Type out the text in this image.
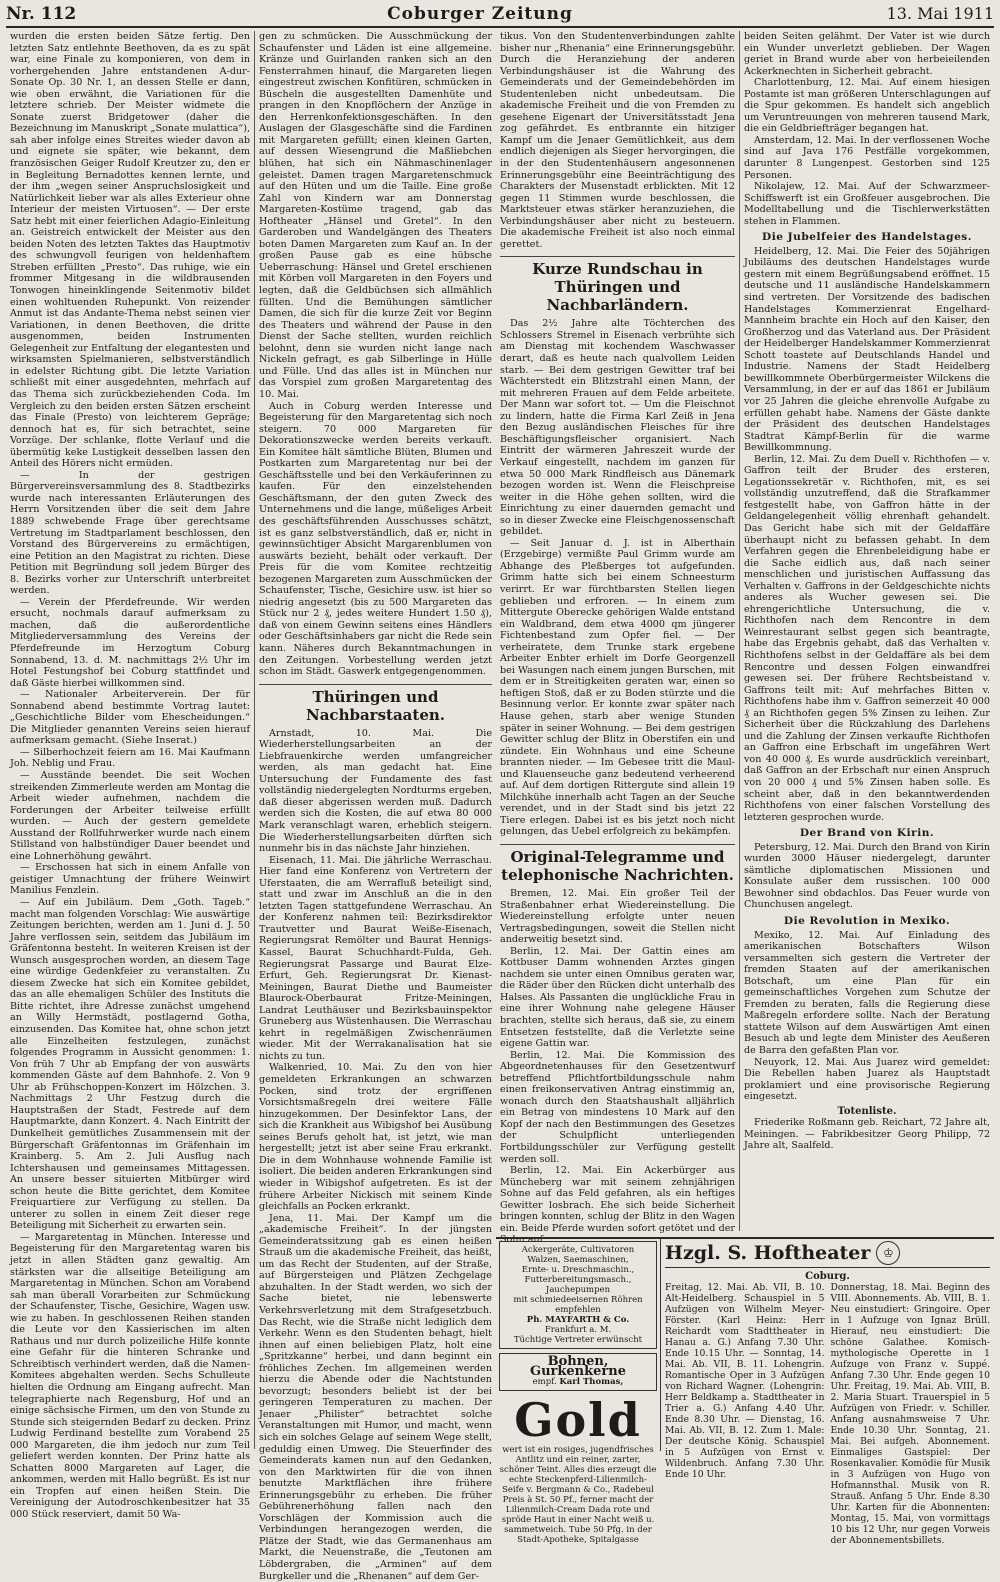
Nr. 112	Coburger Zeitung	13. Mai 1911

wurden die ersten beiden Sätze fertig. Den letzten Satz entlehnte Beethoven, da es zu spät war, eine Finale zu komponieren, von dem in vorhergehenden Jahre entstandenen A-dur-Sonate Op. 30 Nr. 1, an dessen Stelle er dann, wie oben erwähnt, die Variationen für die letztere schrieb. Der Meister widmete die Sonate zuerst Bridgetower (daher die Bezeichnung im Manuskript „Sonate mulattica“), sah aber infolge eines Streites wieder davon ab und eignete sie später, wie bekannt, dem französischen Geiger Rudolf Kreutzer zu, den er in Begleitung Bernadottes kennen lernte, und der ihm „wegen seiner Anspruchslosigkeit und Natürlichkeit lieber war als alles Exterieur ohne Interieur der meisten Virtuosen“. — Der erste Satz hebt mit einer feierlichen Adagio-Einleitung an. Geistreich entwickelt der Meister aus den beiden Noten des letzten Taktes das Hauptmotiv des schwungvoll feurigen von heldenhaftem Streben erfüllten „Presto“. Das ruhige, wie ein frommer Mitgesang in die wildbrausenden Tonwogen hineinklingende Seitenmotiv bildet einen wohltuenden Ruhepunkt. Von reizender Anmut ist das Andante-Thema nebst seinen vier Variationen, in denen Beethoven, die dritte ausgenommen, beiden Instrumenten Gelegenheit zur Entfaltung der elegantesten und wirksamsten Spielmanieren, selbstverständlich in edelster Richtung gibt. Die letzte Variation schließt mit einer ausgedehnten, mehrfach auf das Thema sich zurückbeziehenden Coda. Im Vergleich zu den beiden ersten Sätzen erscheint das Finale (Presto) von leichterem Gepräge; dennoch hat es, für sich betrachtet, seine Vorzüge. Der schlanke, flotte Verlauf und die übermütig keke Lustigkeit desselben lassen den Anteil des Hörers nicht ermüden.

— In der gestrigen Bürgervereinsversammlung des 8. Stadtbezirks wurde nach interessanten Erläuterungen des Herrn Vorsitzenden über die seit dem Jahre 1889 schwebende Frage über gerechtsame Vertretung im Stadtparlament beschlossen, den Vorstand des Bürgervereins zu ermächtigen, eine Petition an den Magistrat zu richten. Diese Petition mit Begründung soll jedem Bürger des 8. Bezirks vorher zur Unterschrift unterbreitet werden.

— Verein der Pferdefreunde. Wir werden ersucht, nochmals darauf aufmerksam zu machen, daß die außerordentliche Mitgliederversammlung des Vereins der Pferdefreunde im Herzogtum Coburg Sonnabend, 13. d. M. nachmittags 2½ Uhr im Hotel Festungshof bei Coburg stattfindet und daß Gäste hierbei willkommen sind.

— Nationaler Arbeiterverein. Der für Sonnabend abend bestimmte Vortrag lautet: „Geschichtliche Bilder vom Ehescheidungen.“ Die Mitglieder genannten Vereins seien hierauf aufmerksam gemacht. (Siehe Inserat.)

— Silberhochzeit feiern am 16. Mai Kaufmann Joh. Neblig und Frau.

— Ausstände beendet. Die seit Wochen streikenden Zimmerleute werden am Montag die Arbeit wieder aufnehmen, nachdem die Forderungen der Arbeiter teilweise erfüllt wurden. — Auch der gestern gemeldete Ausstand der Rollfuhrwerker wurde nach einem Stillstand von halbstündiger Dauer beendet und eine Lohnerhöhung gewährt.

— Erschossen hat sich in einem Anfalle von geistiger Umnachtung der frühere Weinwirt Manilius Fenzlein.

— Auf ein Jubiläum. Dem „Goth. Tageb.“ macht man folgenden Vorschlag: Wie auswärtige Zeitungen berichten, werden am 1. Juni d. J. 50 Jahre verflossen sein, seitdem das Jubiläum im Gräfentonna besteht. In weiteren Kreisen ist der Wunsch ausgesprochen worden, an diesem Tage eine würdige Gedenkfeier zu veranstalten. Zu diesem Zwecke hat sich ein Komitee gebildet, das an alle ehemaligen Schüler des Instituts die Bitte richtet, ihre Adresse zunächst umgehend an Willy Hermstädt, postlagernd Gotha, einzusenden. Das Komitee hat, ohne schon jetzt alle Einzelheiten festzulegen, zunächst folgendes Programm in Aussicht genommen: 1. Von früh 7 Uhr ab Empfang der von auswärts kommenden Gäste auf dem Bahnhofe. 2. Von 9 Uhr ab Frühschoppen-Konzert im Hölzchen. 3. Nachmittags 2 Uhr Festzug durch die Hauptstraßen der Stadt, Festrede auf dem Hauptmarkte, dann Konzert. 4. Nach Eintritt der Dunkelheit gemütliches Zusammensein mit der Bürgerschaft Gräfentonnas im Gräfenhain im Krainberg. 5. Am 2. Juli Ausflug nach Ichtershausen und gemeinsames Mittagessen. An unsere besser situierten Mitbürger wird schon heute die Bitte gerichtet, dem Komitee Freiquartiere zur Verfügung zu stellen. Da unterer zu sollen in einem Zeit dieser rege Beteiligung mit Sicherheit zu erwarten sein.

— Margaretentag in München. Interesse und Begeisterung für den Margaretentag waren bis jetzt in allen Städten ganz gewaltig. Am stärksten war die allseitige Beteiligung am Margaretentag in München. Schon am Vorabend sah man überall Vorarbeiten zur Schmückung der Schaufenster, Tische, Gesichire, Wagen usw. wie zu haben. In geschlossenen Reihen standen die Leute vor den Kassierischen im alten Rathaus und nur durch polizeiliche Hilfe konnte eine Gefahr für die hinteren Schranke und Schreibtisch verhindert werden, daß die Namen-Komitees abgehalten werden. Sechs Schulleute hielten die Ordnung am Eingang aufrecht. Man telegraphierte nach Regensburg, Hof und an einige sächsische Firmen, um den von Stunde zu Stunde sich steigernden Bedarf zu decken. Prinz Ludwig Ferdinand bestellte zum Vorabend 25 000 Margareten, die ihm jedoch nur zum Teil geliefert werden konnten. Der Prinz hatte als Schatten 8000 Margareten auf Lager, die ankommen, werden mit Hallo begrüßt. Es ist nur ein Tropfen auf einen heißen Stein. Die Vereinigung der Autodroschkenbesitzer hat 35 000 Stück reserviert, damit 50 Wa-

gen zu schmücken. Die Ausschmückung der Schaufenster und Läden ist eine allgemeine. Kränze und Guirlanden ranken sich an den Fensterrahmen hinauf, die Margareten liegen eingestreut zwischen Konfitüren, schmücken in Büscheln die ausgestellten Damenhüte und prangen in den Knopflöchern der Anzüge in den Herrenkonfektionsgeschäften. In den Auslagen der Glasgeschäfte sind die Fardinen mit Margareten gefüllt; einen kleinen Garten, auf dessen Wiesengrund die Maßliebchen blühen, hat sich ein Nähmaschinenlager geleistet. Damen tragen Margaretenschmuck auf den Hüten und um die Taille. Eine große Zahl von Kindern war am Donnerstag Margareten-Kostüme tragend, gab das Hoftheater „Hänsel und Gretel“. In den Garderoben und Wandelgängen des Theaters boten Damen Margareten zum Kauf an. In der großen Pause gab es eine hübsche Ueberraschung: Hänsel und Gretel erschienen mit Körben voll Margareten in den Foyers und legten, daß die Geldbüchsen sich allmählich füllten. Und die Bemühungen sämtlicher Damen, die sich für die kurze Zeit vor Beginn des Theaters und während der Pause in den Dienst der Sache stellten, wurden reichlich belohnt, denn sie wurden nicht lange nach Nickeln gefragt, es gab Silberlinge in Hülle und Fülle. Und das alles ist in München nur das Vorspiel zum großen Margaretentag des 10. Mai.

Auch in Coburg werden Interesse und Begeisterung für den Margaretentag sich noch steigern. 70 000 Margareten für Dekorationszwecke werden bereits verkauft. Ein Komitee hält sämtliche Blüten, Blumen und Postkarten zum Margaretentag nur bei der Geschäftsstelle und bei den Verkäuferinnen zu kaufen. Für den einzelstehenden Geschäftsmann, der den guten Zweck des Unternehmens und die lange, müßeliges Arbeit des geschäftsführenden Ausschusses schätzt, ist es ganz selbstverständlich, daß er, nicht in gewinnsüchtiger Absicht Margarenblumen von auswärts bezieht, behält oder verkauft. Der Preis für die vom Komitee rechtzeitig bezogenen Margareten zum Ausschmücken der Schaufenster, Tische, Gesichire usw. ist hier so niedrig angesetzt (bis zu 500 Margareten das Stück nur 2 ₰, jedes weitere Hundert 1.50 ₰), daß von einem Gewinn seitens eines Händlers oder Geschäftsinhabers gar nicht die Rede sein kann. Näheres durch Bekanntmachungen in den Zeitungen. Vorbestellung werden jetzt schon im Städt. Gaswerk entgegengenommen.

Thüringen und Nachbarstaaten.

Arnstadt, 10. Mai. Die Wiederherstellungsarbeiten an der Liebfrauenkirche werden umfangreicher werden, als man gedacht hat. Eine Untersuchung der Fundamente des fast vollständig niedergelegten Nordturms ergeben, daß dieser abgerissen werden muß. Dadurch werden sich die Kosten, die auf etwa 80 000 Mark veranschlagt waren, erheblich steigern. Die Wiederherstellungsarbeiten dürften sich nunmehr bis in das nächste Jahr hinziehen.

Eisenach, 11. Mai. Die jährliche Werraschau. Hier fand eine Konferenz von Vertretern der Uferstaaten, die am Werrafluß beteiligt sind, statt und zwar im Anschluß an die in den letzten Tagen stattgefundene Werraschau. An der Konferenz nahmen teil: Bezirksdirektor Trautvetter und Baurat Weiße-Eisenach, Regierungsrat Remölter und Baurat Hennigs-Kassel, Baurat Schuchhardt-Fulda, Geh. Regierungsrat Passarge und Baurat Elze-Erfurt, Geh. Regierungsrat Dr. Kienast-Meiningen, Baurat Diethe und Baumeister Blaurock-Oberbaurat Fritze-Meiningen, Landrat Leuthäuser und Bezirksbauinspektor Gruneberg aus Wüstenhausen. Die Werraschau kehrt in regelmäßigen Zwischenräumen wieder. Mit der Werrakanalisation hat sie nichts zu tun.

Walkenried, 10. Mai. Zu den von hier gemeldeten Erkrankungen an schwarzen Pocken, sind trotz der ergriffenen Vorsichtsmaßregeln drei weitere Fälle hinzugekommen. Der Desinfektor Lans, der sich die Krankheit aus Wibigshof bei Ausübung seines Berufs geholt hat, ist jetzt, wie man hergestellt; jetzt ist aber seine Frau erkrankt. Die in dem Wohnhause wohnende Familie ist isoliert. Die beiden anderen Erkrankungen sind wieder in Wibigshof aufgetreten. Es ist der frühere Arbeiter Nickisch mit seinem Kinde gleichfalls an Pocken erkrankt.

Jena, 11. Mai. Der Kampf um die „akademische Freiheit“. In der jüngsten Gemeinderatssitzung gab es einen heißen Strauß um die akademische Freiheit, das heißt, um das Recht der Studenten, auf der Straße, auf Bürgersteigen und Plätzen Zechgelage abzuhalten. In der Stadt werden, wo sich der Sache bietet, nie lebenswerte Verkehrsverletzung mit dem Strafgesetzbuch. Das Recht, wie die Straße nicht lediglich dem Verkehr. Wenn es den Studenten behagt, hielt ihnen auf einen beliebigen Platz, holt eine „Spritzkanne“ herbei, und dann beginnt ein fröhliches Zechen. Im allgemeinen werden hierzu die Abende oder die Nachtstunden bevorzugt; besonders beliebt ist der bei geringeren Temperaturen zu machen. Der Jenaer „Philister“ betrachtet solche Veranstaltungen mit Humor, und macht, wenn sich ein solches Gelage auf seinem Wege stellt, geduldig einen Umweg. Die Steuerfinder des Gemeinderats kamen nun auf den Gedanken, von den Marktwirten für die von ihnen benutzte Marktflächen ihre frühere Erinnerungsgebühr zu erheben. Die früher Gebührenerhöhung fallen nach den Vorschlägen der Kommission auch die Verbindungen herangezogen werden, die Plätze der Stadt, wie das Germanenhaus am Markt, die Neuenstraße, die „Teutonen am Löbdergraben, die „Arminen“ auf dem Burgkeller und die „Rhenanen“ auf dem Ger-

tikus. Von den Studentenverbindungen zahlte bisher nur „Rhenania“ eine Erinnerungsgebühr. Durch die Heranziehung der anderen Verbindungshäuser ist die Wahrung des Gemeinderats und der Gemeindebehörden im Studentenleben nicht unbedeutsam. Die akademische Freiheit und die von Fremden zu gesehene Eigenart der Universitätsstadt Jena zog gefährdet. Es entbrannte ein hitziger Kampf um die Jenaer Gemütlichkeit, aus dem endlich diejenigen als Sieger hervorgingen, die in der den Studentenhäusern angesonnenen Erinnerungsgebühr eine Beeinträchtigung des Charakters der Musenstadt erblickten. Mit 12 gegen 11 Stimmen wurde beschlossen, die Marktsteuer etwas stärker heranzuziehen, die Verbindungshäuser aber nicht zu besteuern. Die akademische Freiheit ist also noch einmal gerettet.

Kurze Rundschau in Thüringen und Nachbarländern.

Das 2½ Jahre alte Töchterchen des Schlossers Stremel in Eisenach verbrühte sich am Dienstag mit kochendem Waschwasser derart, daß es heute nach qualvollem Leiden starb. — Bei dem gestrigen Gewitter traf bei Wächterstedt ein Blitzstrahl einen Mann, der mit mehreren Frauen auf dem Felde arbeitete. Der Mann war sofort tot. — Um die Fleischnot zu lindern, hatte die Firma Karl Zeiß in Jena den Bezug ausländischen Fleisches für ihre Beschäftigungsfleischer organisiert. Nach Eintritt der wärmeren Jahreszeit wurde der Verkauf eingestellt, nachdem im ganzen für etwa 50 000 Mark Rindfleisch aus Dänemark bezogen worden ist. Wenn die Fleischpreise weiter in die Höhe gehen sollten, wird die Einrichtung zu einer dauernden gemacht und so in dieser Zwecke eine Fleischgenossenschaft gebildet.

— Seit Januar d. J. ist in Alberthain (Erzgebirge) vermißte Paul Grimm wurde am Abhange des Pleßberges tot aufgefunden. Grimm hatte sich bei einem Schneesturm verirrt. Er war fürchtbarsten Stellen liegen geblieben und erfroren. — In einem zum Mittergute Oberecke gehörigen Walde entstand ein Waldbrand, dem etwa 4000 qm jüngerer Fichtenbestand zum Opfer fiel. — Der verheiratete, dem Trunke stark ergebene Arbeiter Enbter erhielt im Dorfe Georgenzell bei Wasungen nach einem jungen Burschen, mit dem er in Streitigkeiten geraten war, einen so heftigen Stoß, daß er zu Boden stürzte und die Besinnung verlor. Er konnte zwar später nach Hause gehen, starb aber wenige Stunden später in seiner Wohnung. — Bei dem gestrigen Gewitter schlug der Blitz in Oberstifen ein und zündete. Ein Wohnhaus und eine Scheune brannten nieder. — Im Gebesee tritt die Maul- und Klauenseuche ganz bedeutend verheerend auf. Auf dem dortigen Rittergute sind allein 19 Milchkühe innerhalb acht Tagen an der Seuche verendet, und in der Stadt sind bis jetzt 22 Tiere erlegen. Dabei ist es bis jetzt noch nicht gelungen, das Uebel erfolgreich zu bekämpfen.

Original-Telegramme und telephonische Nachrichten.

Bremen, 12. Mai. Ein großer Teil der Straßenbahner erhat Wiedereinstellung. Die Wiedereinstellung erfolgte unter neuen Vertragsbedingungen, soweit die Stellen nicht anderweitig besetzt sind.

Berlin, 12. Mai. Der Gattin eines am Kottbuser Damm wohnenden Arztes gingen nachdem sie unter einen Omnibus geraten war, die Räder über den Rücken dicht unterhalb des Halses. Als Passanten die unglückliche Frau in eine ihrer Wohnung nahe gelegene Häuser brachten, stellte sich heraus, daß sie, zu einem Entsetzen feststellte, daß die Verletzte seine eigene Gattin war.

Berlin, 12. Mai. Die Kommission des Abgeordnetenhauses für den Gesetzentwurf betreffend Pflichtfortbildungsschule nahm einen freikonservativen Antrag einstimmig an, wonach durch den Staatshaushalt alljährlich ein Betrag von mindestens 10 Mark auf den Kopf der nach den Bestimmungen des Gesetzes der Schulpflicht unterliegenden Fortbildungsschüler zur Verfügung gestellt werden soll.

Berlin, 12. Mai. Ein Ackerbürger aus Müncheberg war mit seinem zehnjährigen Sohne auf das Feld gefahren, als ein heftiges Gewitter losbrach. Ehe sich beide Sicherheit bringen konnten, schlug der Blitz in den Wagen ein. Beide Pferde wurden sofort getötet und der Sohn auf

beiden Seiten gelähmt. Der Vater ist wie durch ein Wunder unverletzt geblieben. Der Wagen geriet in Brand wurde aber von herbeieilenden Ackerknechten in Sicherheit gebracht.

Charlottenburg, 12. Mai. Auf einem hiesigen Postamte ist man größeren Unterschlagungen auf die Spur gekommen. Es handelt sich angeblich um Veruntreuungen von mehreren tausend Mark, die ein Geldbriefträger begangen hat.

Amsterdam, 12. Mai. In der verflossenen Woche sind auf Java 176 Pestfälle vorgekommen, darunter 8 Lungenpest. Gestorben sind 125 Personen.

Nikolajew, 12. Mai. Auf der Schwarzmeer-Schiffswerft ist ein Großfeuer ausgebrochen. Die Modelltabellung und die Tischlerwerkstätten stehen in Flammen.

Die Jubelfeier des Handelstages.

Heidelberg, 12. Mai. Die Feier des 50jährigen Jubiläums des deutschen Handelstages wurde gestern mit einem Begrüßungsabend eröffnet. 15 deutsche und 11 ausländische Handelskammern sind vertreten. Der Vorsitzende des badischen Handelstages Kommerzienrat Engelhard-Mannheim brachte ein Hoch auf den Kaiser, den Großherzog und das Vaterland aus. Der Präsident der Heidelberger Handelskammer Kommerzienrat Schott toastete auf Deutschlands Handel und Industrie. Namens der Stadt Heidelberg bewillkommnete Oberbürgermeister Wilckens die Versammlung, in der er auf das 1861 er Jubiläum vor 25 Jahren die gleiche ehrenvolle Aufgabe zu erfüllen gehabt habe. Namens der Gäste dankte der Präsident des deutschen Handelstages Stadtrat Kämpf-Berlin für die warme Bewillkommnung.

Berlin, 12. Mai. Zu dem Duell v. Richthofen — v. Gaffron teilt der Bruder des ersteren, Legationssekretär v. Richthofen, mit, es sei vollständig unzutreffend, daß die Strafkammer festgestellt habe, von Gaffron hätte in der Geldangelegenheit völlig ehrenhaft gehandelt. Das Gericht habe sich mit der Geldaffäre überhaupt nicht zu befassen gehabt. In dem Verfahren gegen die Ehrenbeleidigung habe er die Sache eidlich aus, daß nach seiner menschlichen und juristischen Auffassung das Verhalten v. Gaffrons in der Geldgeschichte nichts anderes als Wucher gewesen sei. Die ehrengerichtliche Untersuchung, die v. Richthofen nach dem Rencontre in dem Weinrestaurant selbst gegen sich beantragte, habe das Ergebnis gehabt, daß das Verhalten v. Richthofens selbst in der Geldaffäre als bei dem Rencontre und dessen Folgen einwandfrei gewesen sei. Der frühere Rechtsbeistand v. Gaffrons teilt mit: Auf mehrfaches Bitten v. Richthofens habe ihm v. Gaffron seinerzeit 40 000 ₰ an Richthofen gegen 5% Zinsen zu leihen. Zur Sicherheit über die Rückzahlung des Darlehens und die Zahlung der Zinsen verkaufte Richthofen an Gaffron eine Erbschaft im ungefähren Wert von 40 000 ₰. Es wurde ausdrücklich vereinbart, daß Gaffron an der Erbschaft nur einen Anspruch von 20 000 ₰ und 5% Zinsen haben solle. Es scheint aber, daß in den bekanntwerdenden Richthofens von einer falschen Vorstellung des letzteren gesprochen wurde.

Der Brand von Kirin.

Petersburg, 12. Mai. Durch den Brand von Kirin wurden 3000 Häuser niedergelegt, darunter sämtliche diplomatischen Missionen und Konsulate außer dem russischen. 100 000 Bewohner sind obdachlos. Das Feuer wurde von Chunchusen angelegt.

Die Revolution in Mexiko.

Mexiko, 12. Mai. Auf Einladung des amerikanischen Botschafters Wilson versammelten sich gestern die Vertreter der fremden Staaten auf der amerikanischen Botschaft, um eine Plan für ein gemeinschaftliches Vorgehen zum Schutze der Fremden zu beraten, falls die Regierung diese Maßregeln erfordere sollte. Nach der Beratung stattete Wilson auf dem Auswärtigen Amt einen Besuch ab und legte dem Minister des Aeußeren de Barra den gefaßten Plan vor.

Neuyork, 12. Mai. Aus Juarez wird gemeldet: Die Rebellen haben Juarez als Hauptstadt proklamiert und eine provisorische Regierung eingesetzt.

Totenliste.

Friederike Roßmann geb. Reichart, 72 Jahre alt, Meiningen. — Fabrikbesitzer Georg Philipp, 72 Jahre alt, Saalfeld.

Ackergeräte, Cultivatoren
Walzen, Saemaschinen,
Ernte- u. Dreschmaschin.,
Futterbereitungsmasch.,
Jauchepumpen
mit schmiedeeisernen Röhren
empfehlen
Ph. MAYFARTH & Co.
Frankfurt a. M.
Tüchtige Vertreter erwünscht
Bohnen, Gurkenkerne
empf. Karl Thomas,
Gold
wert ist ein rosiges, jugendfrisches Antlitz und ein reiner, zarter, schöner Teint. Alles dies erzeugt die echte Steckenpferd-Lilienmilch-Seife v. Bergmann & Co., Radebeul Preis à St. 50 Pf., ferner macht der Lilienmilch-Cream Dada rote und spröde Haut in einer Nacht weiß u. sammetweich. Tube 50 Pfg. in der Stadt-Apotheke, Spitalgasse
Hzgl. S. Hoftheater	♔
Coburg.
Freitag, 12. Mai. Ab. VII, B. 10. Alt-Heidelberg. Schauspiel in 5 Aufzügen von Wilhelm Meyer-Förster. (Karl Heinz: Herr Reichardt vom Stadttheater in Hanau a. G.) Anfang 7.30 Uhr. Ende 10.15 Uhr. — Sonntag, 14. Mai. Ab. VII, B. 11. Lohengrin. Romantische Oper in 3 Aufzügen von Richard Wagner. (Lohengrin: Herr Beldkamp a. Stadttheater in Trier a. G.) Anfang 4.40 Uhr. Ende 8.30 Uhr. — Dienstag, 16. Mai. Ab. VII, B. 12. Zum 1. Male: Der deutsche König. Schauspiel in 5 Aufzügen von Ernst v. Wildenbruch. Anfang 7.30 Uhr. Ende 10 Uhr.
Donnerstag, 18. Mai. Beginn des VIII. Abonnements. Ab. VIII, B. 1. Neu einstudiert: Gringoire. Oper in 1 Aufzuge von Ignaz Brüll. Hierauf, neu einstudiert: Die schöne Galathee. Komisch-mythologische Operette in 1 Aufzuge von Franz v. Suppé. Anfang 7.30 Uhr. Ende gegen 10 Uhr. Freitag, 19. Mai. Ab. VIII, B. 2. Maria Stuart. Trauerspiel in 5 Aufzügen von Friedr. v. Schiller. Anfang ausnahmsweise 7 Uhr. Ende 10.30 Uhr. Sonntag, 21. Mai. Bei aufgeh. Abonnement. Einmaliges Gastspiel: Der Rosenkavalier. Komödie für Musik in 3 Aufzügen von Hugo von Hofmannsthal. Musik von R. Strauß. Anfang 5 Uhr. Ende 8.30 Uhr. Karten für die Abonnenten: Montag, 15. Mai, von vormittags 10 bis 12 Uhr, nur gegen Vorweis der Abonnementsbillets.
